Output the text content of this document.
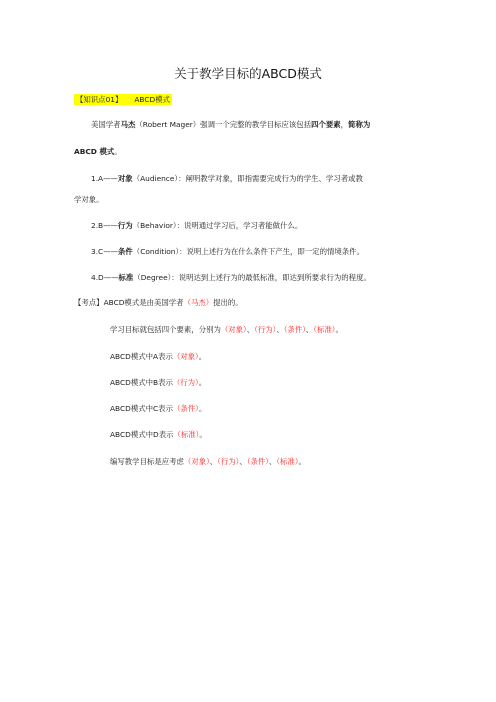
关于教学目标的ABCD模式
【知识点01】 ABCD模式
美国学者马杰（Robert Mager）强调一个完整的教学目标应该包括四个要素，简称为
ABCD 模式。
1.A——对象（Audience）：阐明教学对象，即指需要完成行为的学生、学习者或教
学对象。
2.B——行为（Behavior）：说明通过学习后，学习者能做什么。
3.C——条件（Condition）：说明上述行为在什么条件下产生，即一定的情境条件。
4.D——标准（Degree）：说明达到上述行为的最低标准，即达到所要求行为的程度。
【考点】ABCD模式是由美国学者（马杰）提出的。
学习目标就包括四个要素，分别为（对象）、（行为）、（条件）、（标准）。
ABCD模式中A表示（对象）。
ABCD模式中B表示（行为）。
ABCD模式中C表示（条件）。
ABCD模式中D表示（标准）。
编写教学目标是应考虑（对象）、（行为）、（条件）、（标准）。
